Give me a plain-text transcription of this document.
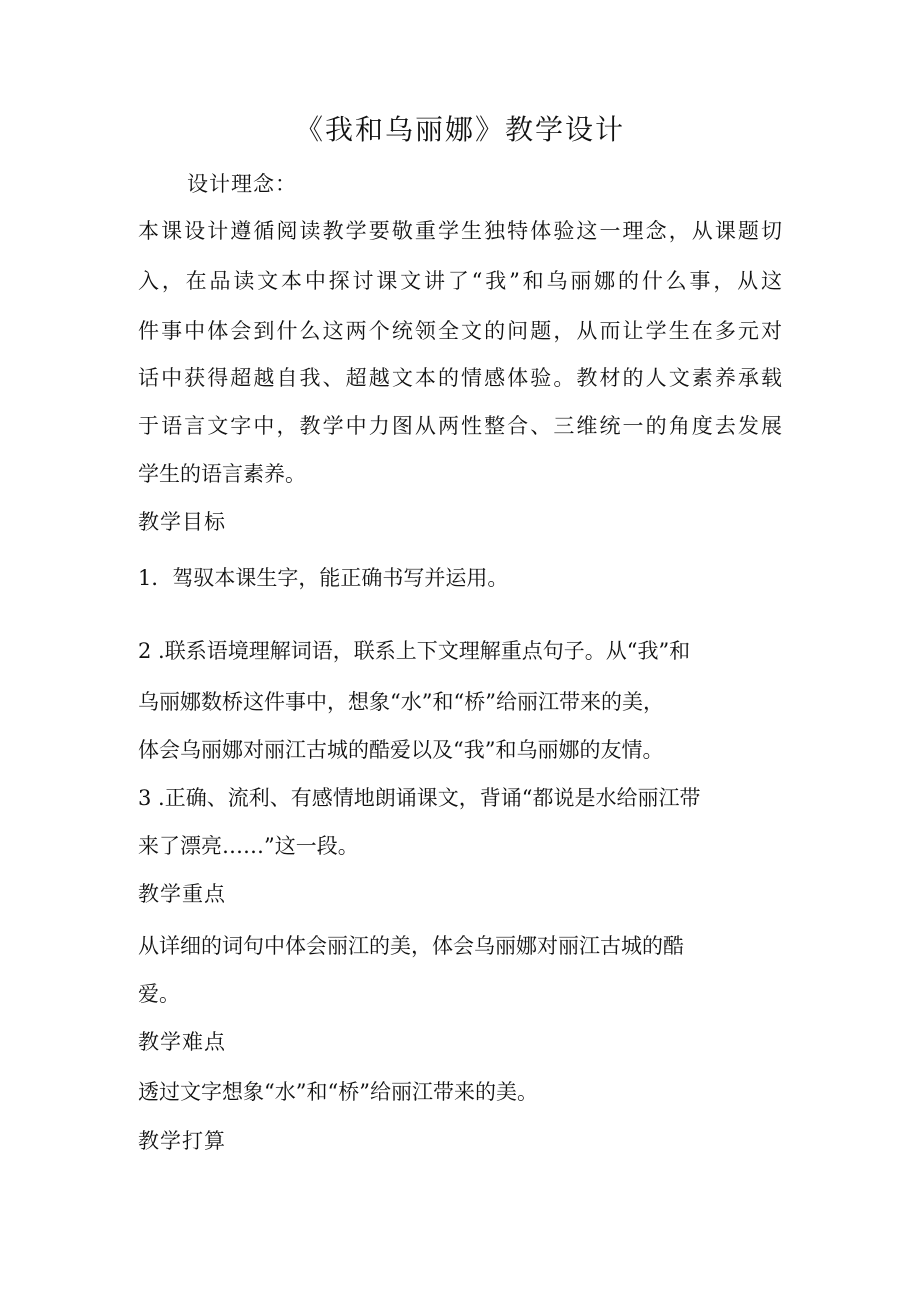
《我和乌丽娜》教学设计
设计理念：
本课设计遵循阅读教学要敬重学生独特体验这一理念，从课题切
入，在品读文本中探讨课文讲了“我”和乌丽娜的什么事，从这
件事中体会到什么这两个统领全文的问题，从而让学生在多元对
话中获得超越自我、超越文本的情感体验。教材的人文素养承载
于语言文字中，教学中力图从两性整合、三维统一的角度去发展
学生的语言素养。
教学目标
1．驾驭本课生字，能正确书写并运用。
2 .联系语境理解词语，联系上下文理解重点句子。从“我”和
乌丽娜数桥这件事中，想象“水”和“桥”给丽江带来的美，
体会乌丽娜对丽江古城的酷爱以及“我”和乌丽娜的友情。
3 .正确、流利、有感情地朗诵课文，背诵“都说是水给丽江带
来了漂亮……”这一段。
教学重点
从详细的词句中体会丽江的美，体会乌丽娜对丽江古城的酷
爱。
教学难点
透过文字想象“水”和“桥”给丽江带来的美。
教学打算
